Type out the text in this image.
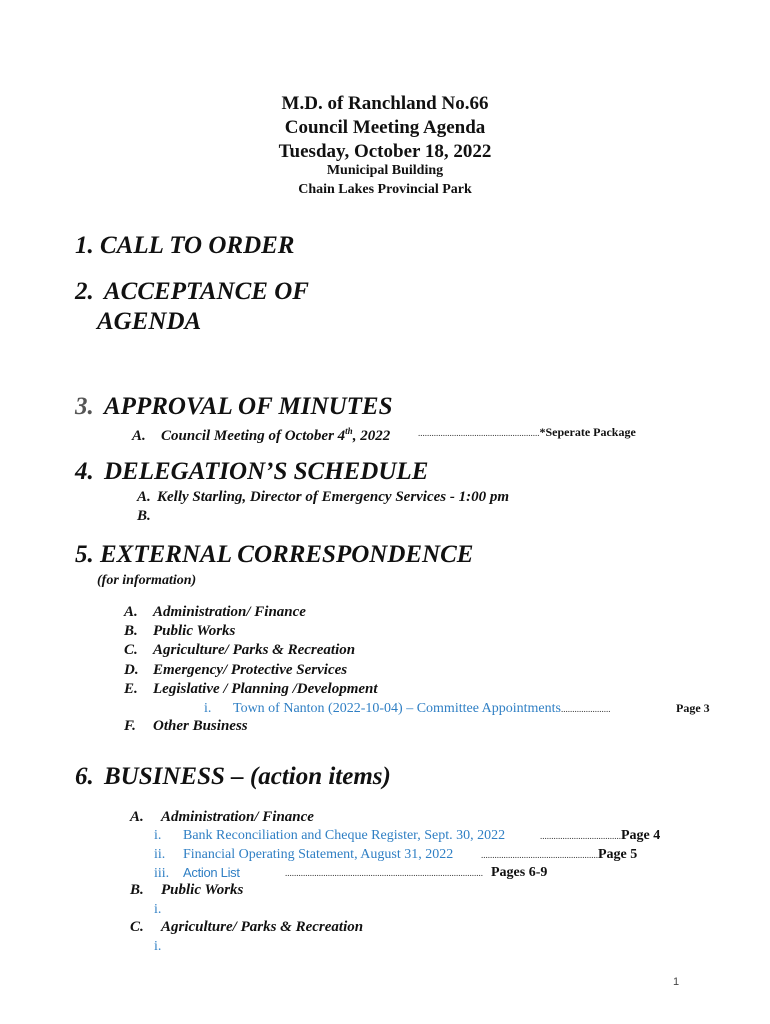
M.D. of Ranchland No.66
Council Meeting Agenda
Tuesday, October 18, 2022
Municipal Building
Chain Lakes Provincial Park
1. CALL TO ORDER
2. ACCEPTANCE OF
AGENDA
3. APPROVAL OF MINUTES
A. Council Meeting of October 4th, 2022	......................................................*Seperate Package
4. DELEGATION’S SCHEDULE
A. Kelly Starling, Director of Emergency Services - 1:00 pm
B.
5. EXTERNAL CORRESPONDENCE
(for information)
A. Administration/ Finance
B. Public Works
C. Agriculture/ Parks & Recreation
D. Emergency/ Protective Services
E. Legislative / Planning /Development
i. Town of Nanton (2022-10-04) – Committee Appointments......................	Page 3
F. Other Business
6. BUSINESS – (action items)
A. Administration/ Finance
i. Bank Reconciliation and Cheque Register, Sept. 30, 2022	....................................Page 4
ii. Financial Operating Statement, August 31, 2022	....................................................Page 5
iii. Action List	........................................................................................ Pages 6-9
B. Public Works
i.
C. Agriculture/ Parks & Recreation
i.
1
